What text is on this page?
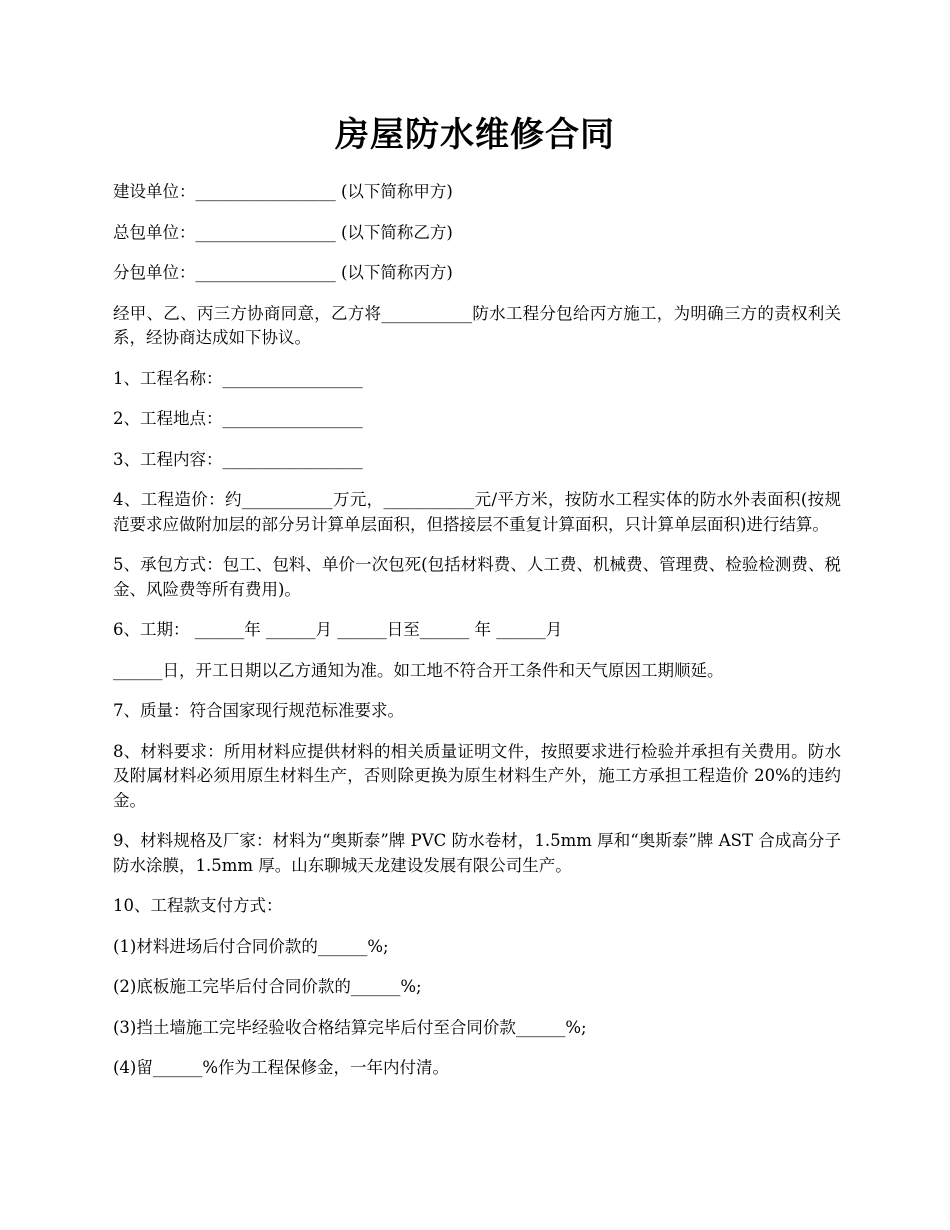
房屋防水维修合同

建设单位：_________________ (以下简称甲方)

总包单位：_________________ (以下简称乙方)

分包单位：_________________ (以下简称丙方)

经甲、乙、丙三方协商同意，乙方将___________防水工程分包给丙方施工，为明确三方的责权利关系，经协商达成如下协议。

1、工程名称：_________________

2、工程地点：_________________

3、工程内容：_________________

4、工程造价：约___________万元，___________元/平方米，按防水工程实体的防水外表面积(按规范要求应做附加层的部分另计算单层面积，但搭接层不重复计算面积，只计算单层面积)进行结算。

5、承包方式：包工、包料、单价一次包死(包括材料费、人工费、机械费、管理费、检验检测费、税金、风险费等所有费用)。

6、工期： ______年 ______月 ______日至______ 年 ______月

______日，开工日期以乙方通知为准。如工地不符合开工条件和天气原因工期顺延。

7、质量：符合国家现行规范标准要求。

8、材料要求：所用材料应提供材料的相关质量证明文件，按照要求进行检验并承担有关费用。防水及附属材料必须用原生材料生产，否则除更换为原生材料生产外，施工方承担工程造价 20%的违约金。

9、材料规格及厂家：材料为“奥斯泰”牌 PVC 防水卷材，1.5mm 厚和“奥斯泰”牌 AST 合成高分子防水涂膜，1.5mm 厚。山东聊城天龙建设发展有限公司生产。

10、工程款支付方式：

(1)材料进场后付合同价款的______%;

(2)底板施工完毕后付合同价款的______%;

(3)挡土墙施工完毕经验收合格结算完毕后付至合同价款______%;

(4)留______%作为工程保修金，一年内付清。
